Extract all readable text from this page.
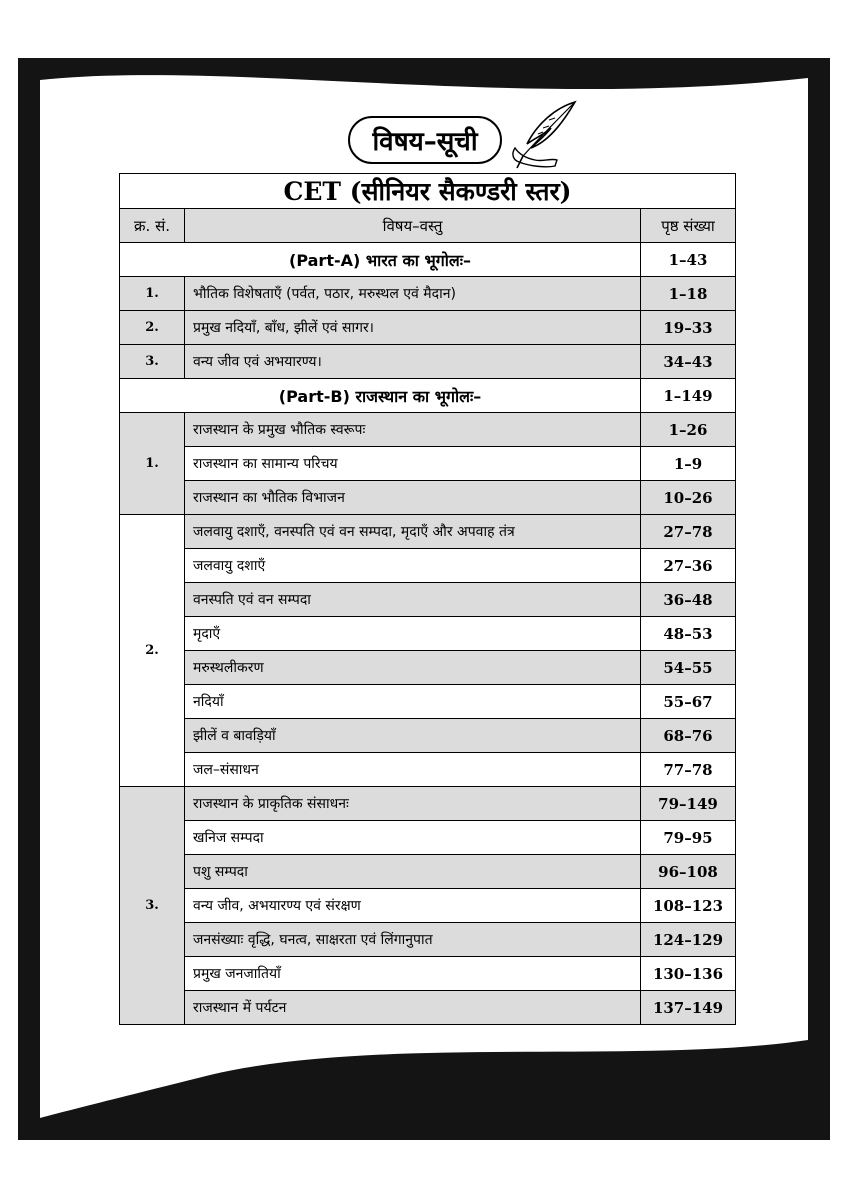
विषय–सूची
CET (सीनियर सैकण्डरी स्तर)		
क्र. सं.	विषय–वस्तु	पृष्ठ संख्या
(Part-A) भारत का भूगोलः–		1–43
1.	भौतिक विशेषताएँ (पर्वत, पठार, मरुस्थल एवं मैदान)	1–18
2.	प्रमुख नदियाँ, बाँध, झीलें एवं सागर।	19–33
3.	वन्य जीव एवं अभयारण्य।	34–43
(Part-B) राजस्थान का भूगोलः–		1–149
1.	राजस्थान के प्रमुख भौतिक स्वरूपः	1–26
	राजस्थान का सामान्य परिचय	1–9
	राजस्थान का भौतिक विभाजन	10–26
2.	जलवायु दशाएँ, वनस्पति एवं वन सम्पदा, मृदाएँ और अपवाह तंत्र	27–78
	जलवायु दशाएँ	27–36
	वनस्पति एवं वन सम्पदा	36–48
	मृदाएँ	48–53
	मरुस्थलीकरण	54–55
	नदियाँ	55–67
	झीलें व बावड़ियाँ	68–76
	जल–संसाधन	77–78
3.	राजस्थान के प्राकृतिक संसाधनः	79–149
	खनिज सम्पदा	79–95
	पशु सम्पदा	96–108
	वन्य जीव, अभयारण्य एवं संरक्षण	108–123
	जनसंख्याः वृद्धि, घनत्व, साक्षरता एवं लिंगानुपात	124–129
	प्रमुख जनजातियाँ	130–136
	राजस्थान में पर्यटन	137–149
